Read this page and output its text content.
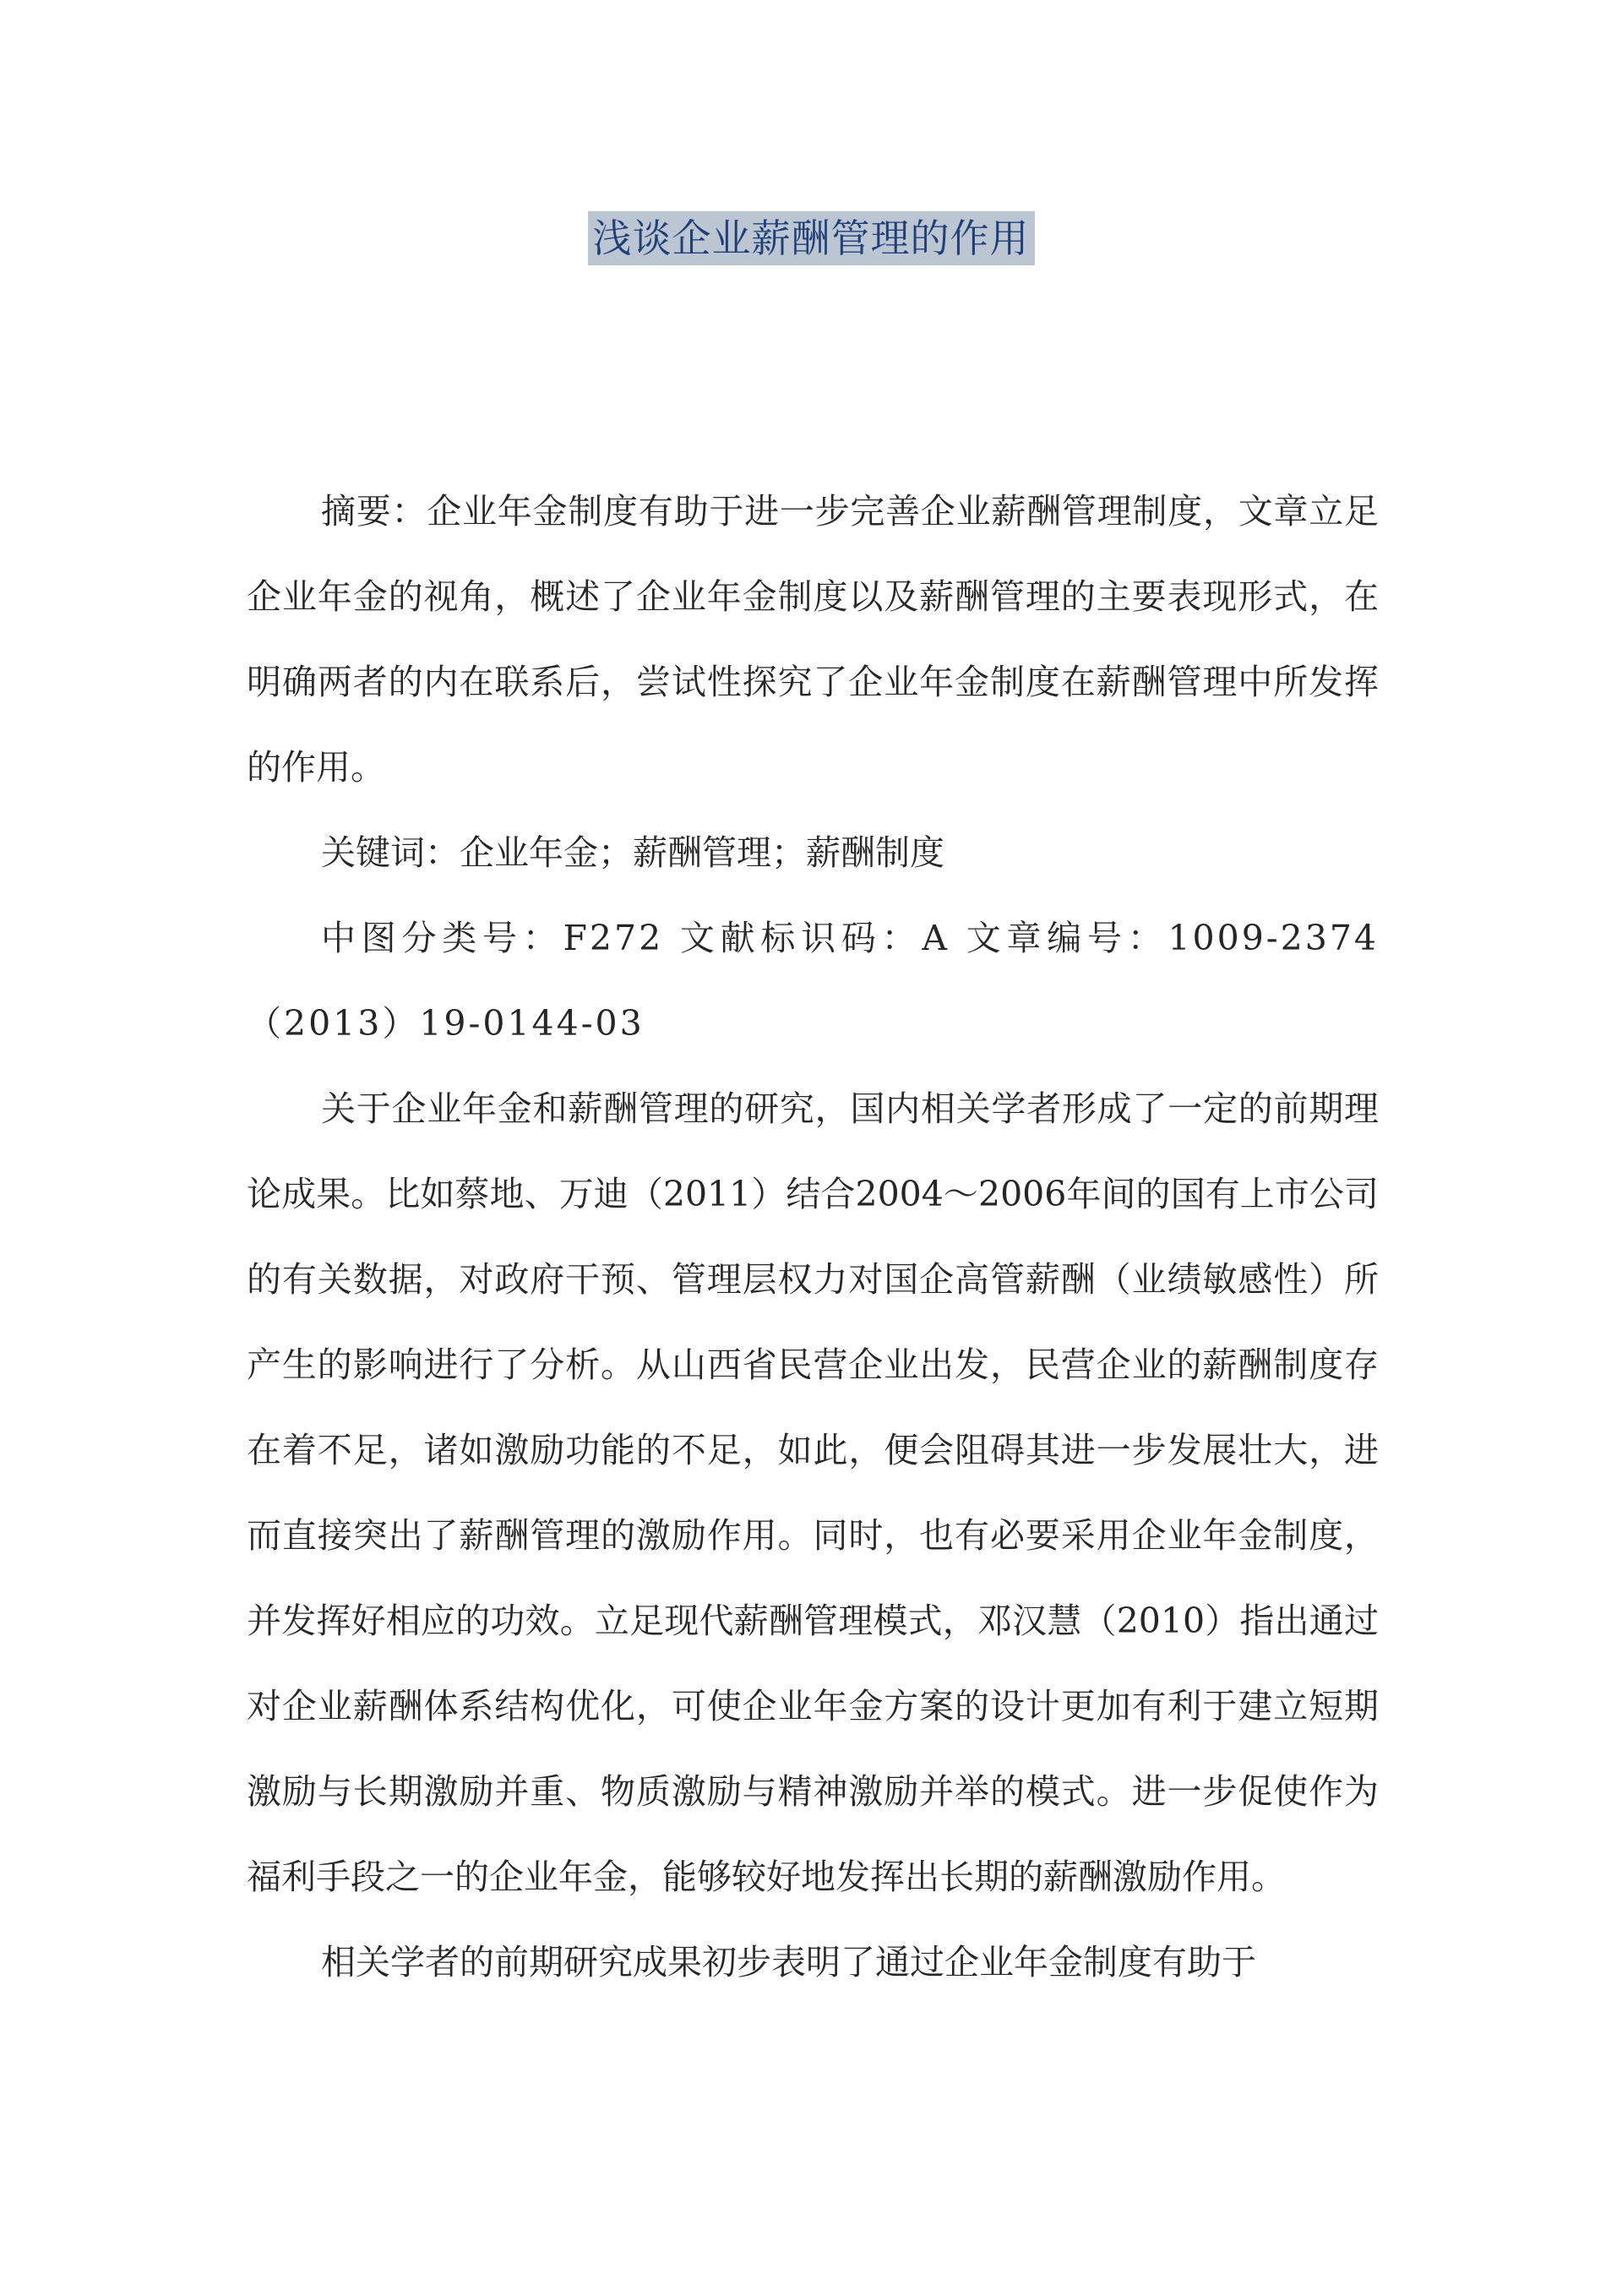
浅谈企业薪酬管理的作用

摘要：企业年金制度有助于进一步完善企业薪酬管理制度，文章立足企业年金的视角，概述了企业年金制度以及薪酬管理的主要表现形式，在明确两者的内在联系后，尝试性探究了企业年金制度在薪酬管理中所发挥的作用。

关键词：企业年金；薪酬管理；薪酬制度

中图分类号：F272 文献标识码：A 文章编号：1009-2374（2013）19-0144-03

关于企业年金和薪酬管理的研究，国内相关学者形成了一定的前期理论成果。比如蔡地、万迪（2011）结合2004～2006年间的国有上市公司的有关数据，对政府干预、管理层权力对国企高管薪酬（业绩敏感性）所产生的影响进行了分析。从山西省民营企业出发，民营企业的薪酬制度存在着不足，诸如激励功能的不足，如此，便会阻碍其进一步发展壮大，进而直接突出了薪酬管理的激励作用。同时，也有必要采用企业年金制度，并发挥好相应的功效。立足现代薪酬管理模式，邓汉慧（2010）指出通过对企业薪酬体系结构优化，可使企业年金方案的设计更加有利于建立短期激励与长期激励并重、物质激励与精神激励并举的模式。进一步促使作为福利手段之一的企业年金，能够较好地发挥出长期的薪酬激励作用。

相关学者的前期研究成果初步表明了通过企业年金制度有助于
